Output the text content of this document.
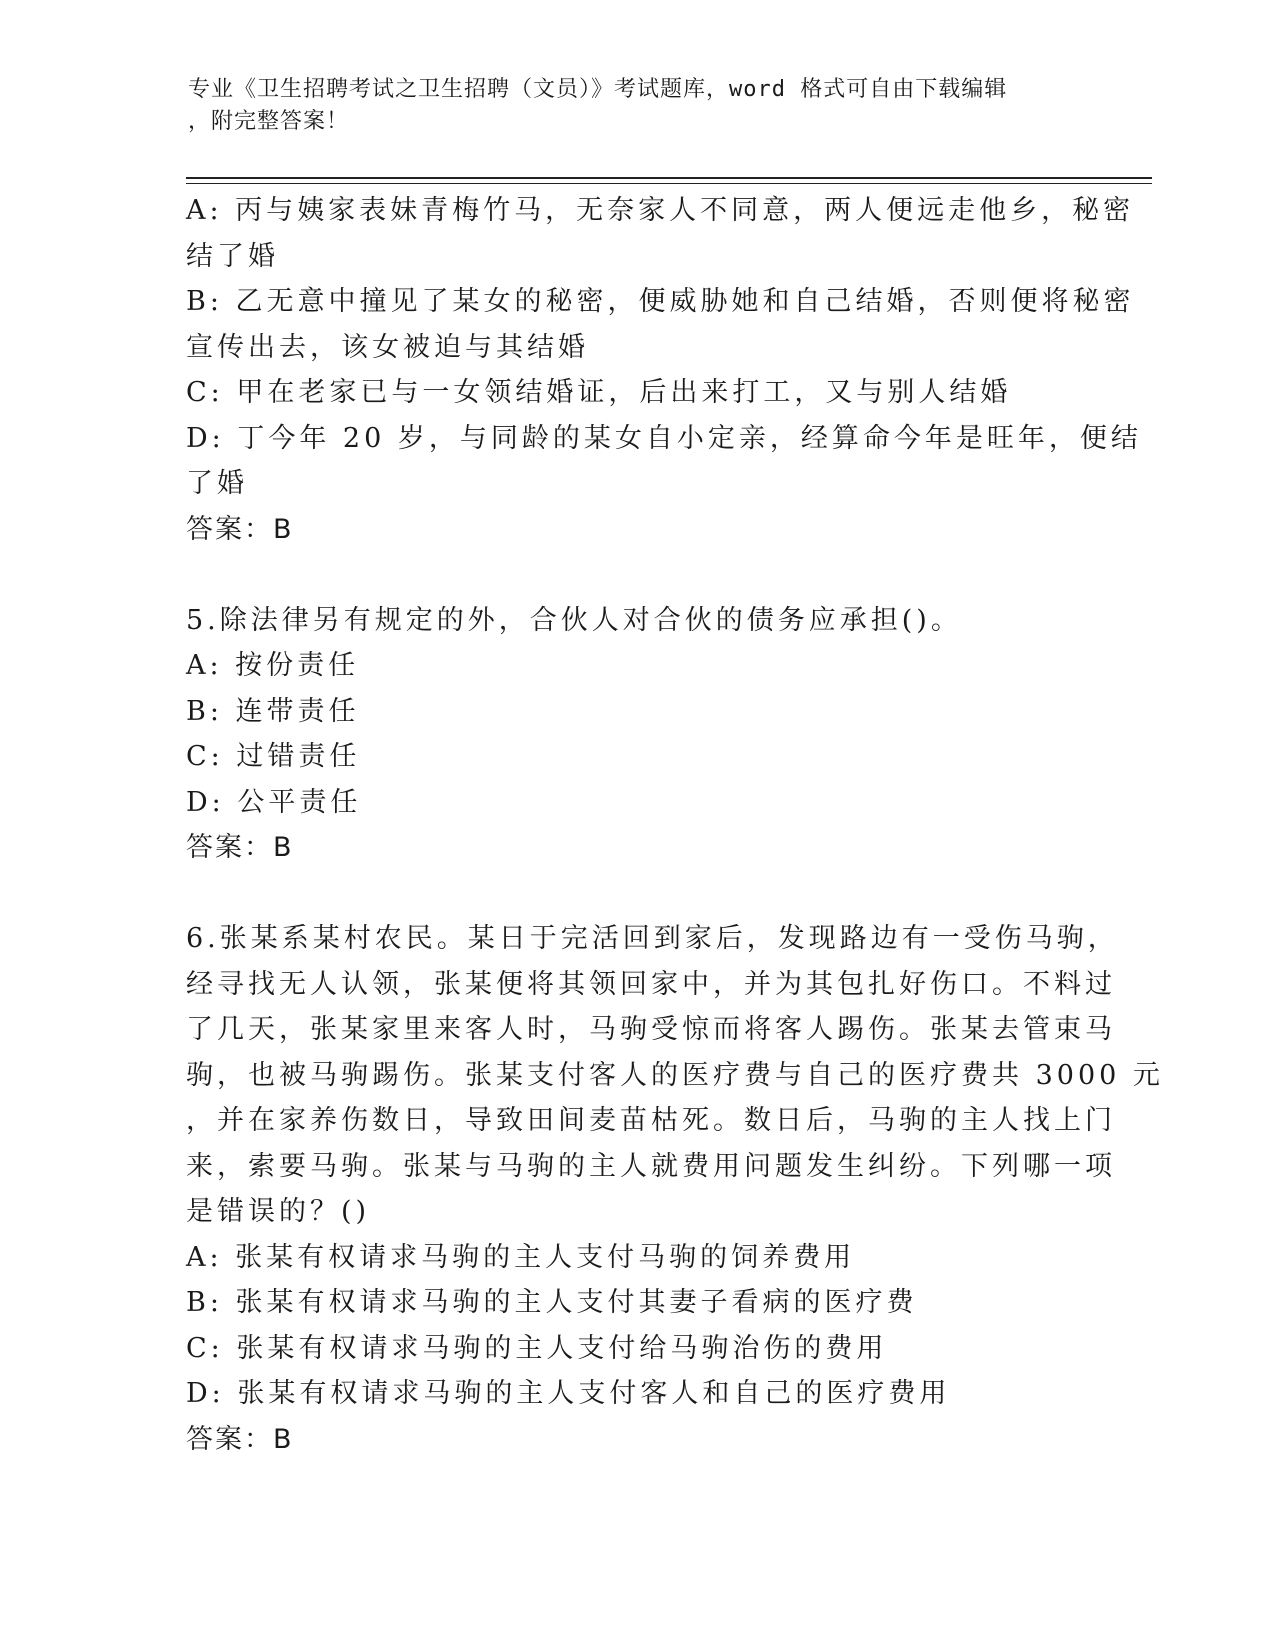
专业《卫生招聘考试之卫生招聘（文员）》考试题库，word 格式可自由下载编辑
，附完整答案！

A: 丙与姨家表妹青梅竹马，无奈家人不同意，两人便远走他乡，秘密

结了婚

B: 乙无意中撞见了某女的秘密，便威胁她和自己结婚，否则便将秘密

宣传出去，该女被迫与其结婚

C: 甲在老家已与一女领结婚证，后出来打工，又与别人结婚

D: 丁今年 20 岁，与同龄的某女自小定亲，经算命今年是旺年，便结

了婚

答案：B

5.除法律另有规定的外，合伙人对合伙的债务应承担()。

A: 按份责任

B: 连带责任

C: 过错责任

D: 公平责任

答案：B

6.张某系某村农民。某日于完活回到家后，发现路边有一受伤马驹，

经寻找无人认领，张某便将其领回家中，并为其包扎好伤口。不料过

了几天，张某家里来客人时，马驹受惊而将客人踢伤。张某去管束马

驹，也被马驹踢伤。张某支付客人的医疗费与自己的医疗费共 3000 元

，并在家养伤数日，导致田间麦苗枯死。数日后，马驹的主人找上门

来，索要马驹。张某与马驹的主人就费用问题发生纠纷。下列哪一项

是错误的？()

A: 张某有权请求马驹的主人支付马驹的饲养费用

B: 张某有权请求马驹的主人支付其妻子看病的医疗费

C: 张某有权请求马驹的主人支付给马驹治伤的费用

D: 张某有权请求马驹的主人支付客人和自己的医疗费用

答案：B
